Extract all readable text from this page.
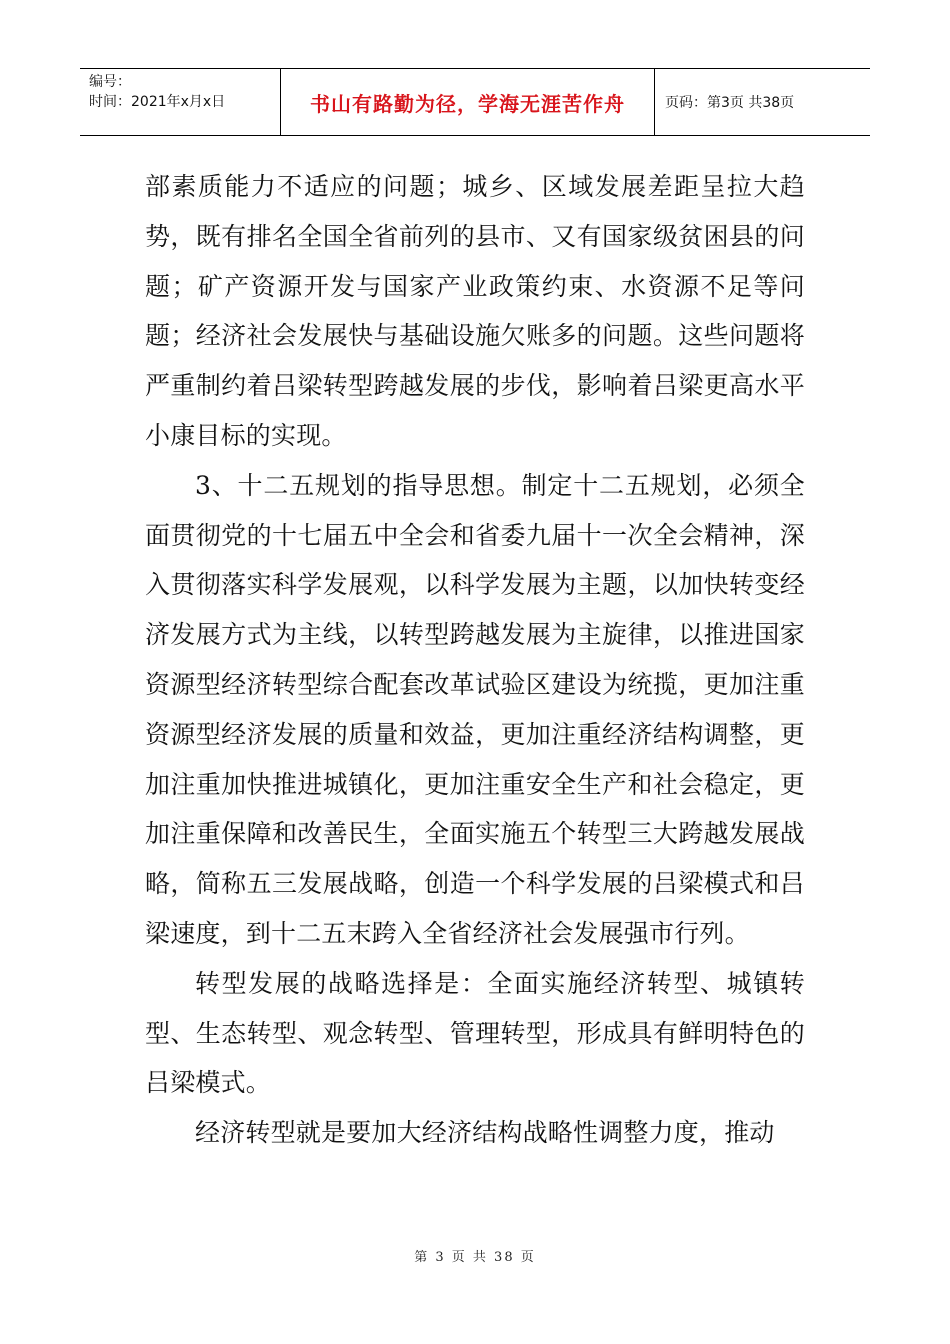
编号：
时间：2021年x月x日	书山有路勤为径，学海无涯苦作舟	页码：第3页 共38页

部素质能力不适应的问题；城乡、区域发展差距呈拉大趋势，既有排名全国全省前列的县市、又有国家级贫困县的问题；矿产资源开发与国家产业政策约束、水资源不足等问题；经济社会发展快与基础设施欠账多的问题。这些问题将严重制约着吕梁转型跨越发展的步伐，影响着吕梁更高水平小康目标的实现。

3、十二五规划的指导思想。制定十二五规划，必须全面贯彻党的十七届五中全会和省委九届十一次全会精神，深入贯彻落实科学发展观，以科学发展为主题，以加快转变经济发展方式为主线，以转型跨越发展为主旋律，以推进国家资源型经济转型综合配套改革试验区建设为统揽，更加注重资源型经济发展的质量和效益，更加注重经济结构调整，更加注重加快推进城镇化，更加注重安全生产和社会稳定，更加注重保障和改善民生，全面实施五个转型三大跨越发展战略，简称五三发展战略，创造一个科学发展的吕梁模式和吕梁速度，到十二五末跨入全省经济社会发展强市行列。

转型发展的战略选择是：全面实施经济转型、城镇转型、生态转型、观念转型、管理转型，形成具有鲜明特色的吕梁模式。

经济转型就是要加大经济结构战略性调整力度，推动

第 3 页 共 38 页
